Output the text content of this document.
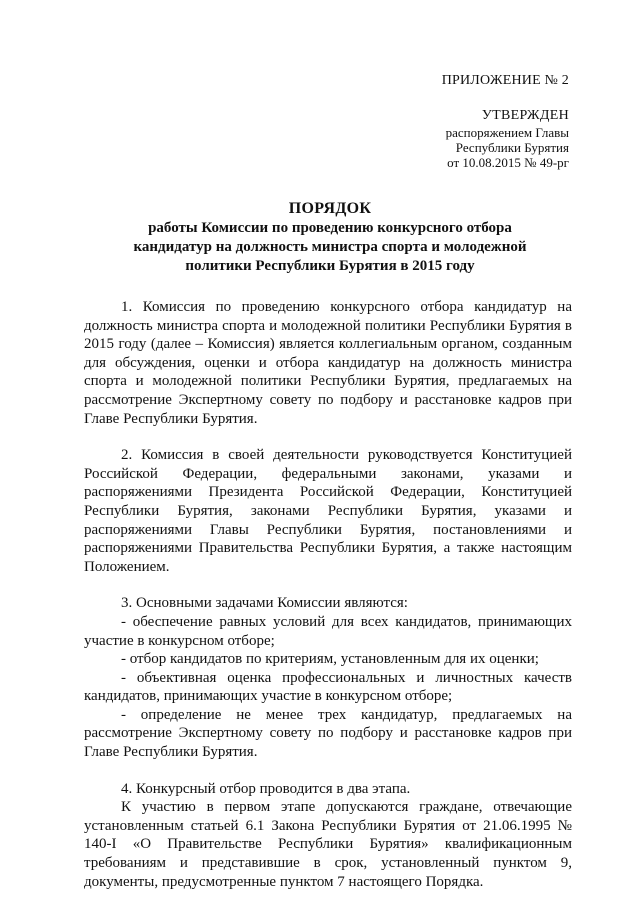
ПРИЛОЖЕНИЕ № 2
УТВЕРЖДЕН
распоряжением Главы
Республики Бурятия
от 10.08.2015 № 49-рг
ПОРЯДОК
работы Комиссии по проведению конкурсного отбора
кандидатур на должность министра спорта и молодежной
политики Республики Бурятия в 2015 году

1. Комиссия по проведению конкурсного отбора кандидатур на должность министра спорта и молодежной политики Республики Бурятия в 2015 году (далее – Комиссия) является коллегиальным органом, созданным для обсуждения, оценки и отбора кандидатур на должность министра спорта и молодежной политики Республики Бурятия, предлагаемых на рассмотрение Экспертному совету по подбору и расстановке кадров при Главе Республики Бурятия.

2. Комиссия в своей деятельности руководствуется Конституцией Российской Федерации, федеральными законами, указами и распоряжениями Президента Российской Федерации, Конституцией Республики Бурятия, законами Республики Бурятия, указами и распоряжениями Главы Республики Бурятия, постановлениями и распоряжениями Правительства Республики Бурятия, а также настоящим Положением.

3. Основными задачами Комиссии являются:

- обеспечение равных условий для всех кандидатов, принимающих участие в конкурсном отборе;

- отбор кандидатов по критериям, установленным для их оценки;

- объективная оценка профессиональных и личностных качеств кандидатов, принимающих участие в конкурсном отборе;

- определение не менее трех кандидатур, предлагаемых на рассмотрение Экспертному совету по подбору и расстановке кадров при Главе Республики Бурятия.

4. Конкурсный отбор проводится в два этапа.

К участию в первом этапе допускаются граждане, отвечающие установленным статьей 6.1 Закона Республики Бурятия от 21.06.1995 № 140-I «О Правительстве Республики Бурятия» квалификационным требованиям и представившие в срок, установленный пунктом 9, документы, предусмотренные пунктом 7 настоящего Порядка.
